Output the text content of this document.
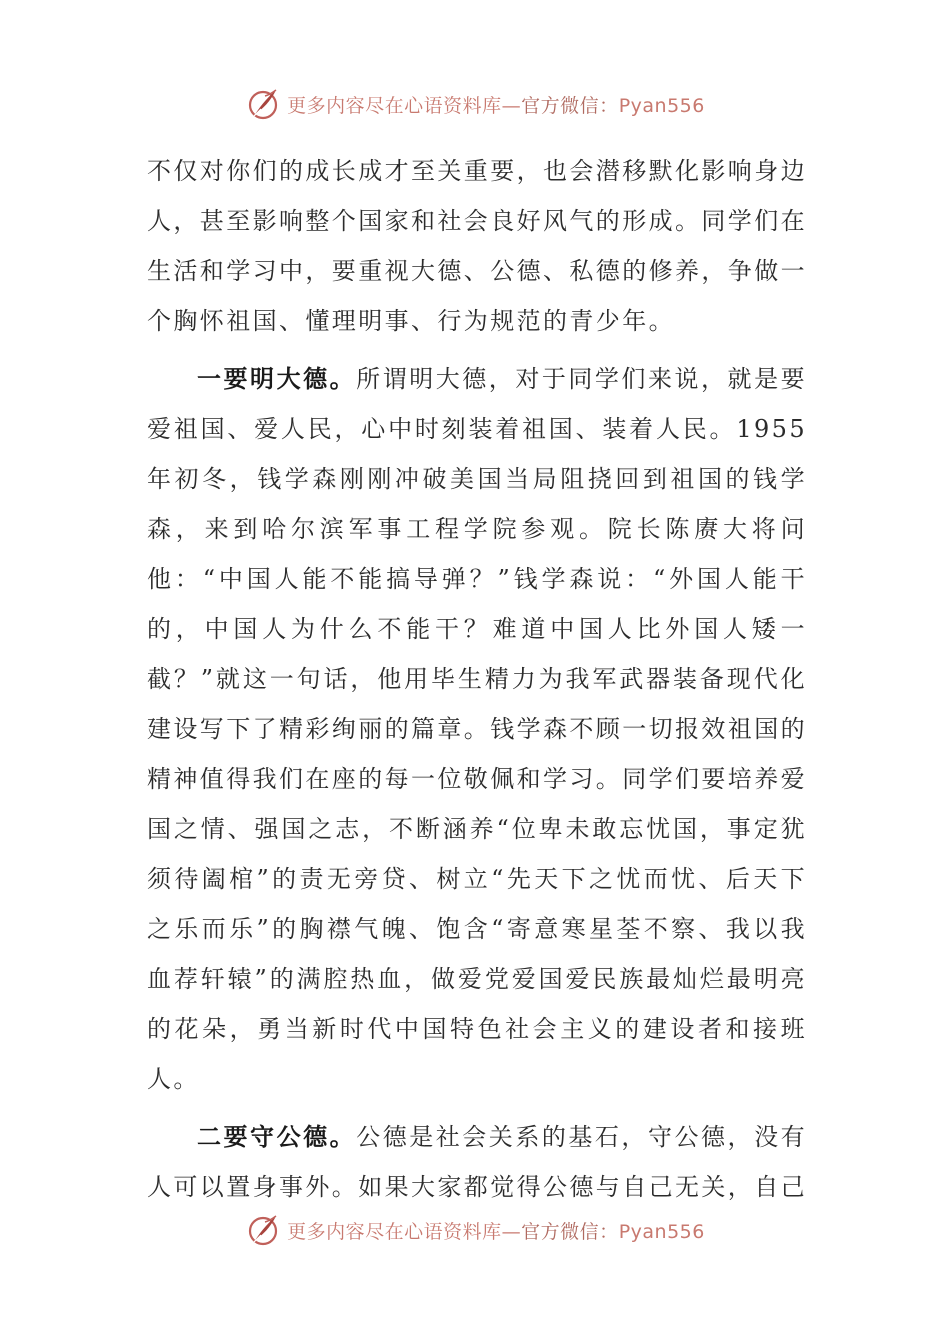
更多内容尽在心语资料库—官方微信：Pyan556

不仅对你们的成长成才至关重要，也会潜移默化影响身边人，甚至影响整个国家和社会良好风气的形成。同学们在生活和学习中，要重视大德、公德、私德的修养，争做一个胸怀祖国、懂理明事、行为规范的青少年。

一要明大德。所谓明大德，对于同学们来说，就是要爱祖国、爱人民，心中时刻装着祖国、装着人民。1955年初冬，钱学森刚刚冲破美国当局阻挠回到祖国的钱学森，来到哈尔滨军事工程学院参观。院长陈赓大将问他：“中国人能不能搞导弹？”钱学森说：“外国人能干的，中国人为什么不能干？难道中国人比外国人矮一截？”就这一句话，他用毕生精力为我军武器装备现代化建设写下了精彩绚丽的篇章。钱学森不顾一切报效祖国的精神值得我们在座的每一位敬佩和学习。同学们要培养爱国之情、强国之志，不断涵养“位卑未敢忘忧国，事定犹须待阖棺”的责无旁贷、树立“先天下之忧而忧、后天下之乐而乐”的胸襟气魄、饱含“寄意寒星荃不察、我以我血荐轩辕”的满腔热血，做爱党爱国爱民族最灿烂最明亮的花朵，勇当新时代中国特色社会主义的建设者和接班人。

二要守公德。公德是社会关系的基石，守公德，没有人可以置身事外。如果大家都觉得公德与自己无关，自己

更多内容尽在心语资料库—官方微信：Pyan556
